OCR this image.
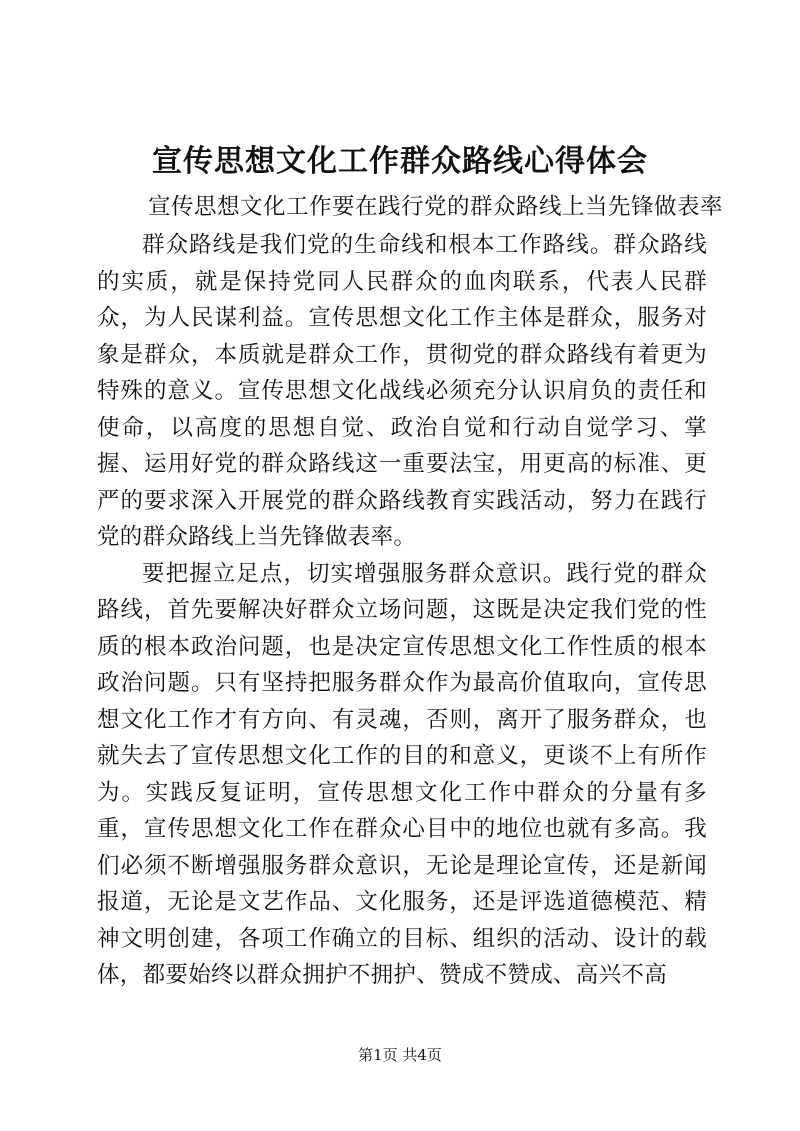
宣传思想文化工作群众路线心得体会
宣传思想文化工作要在践行党的群众路线上当先锋做表率

群众路线是我们党的生命线和根本工作路线。群众路线的实质，就是保持党同人民群众的血肉联系，代表人民群众，为人民谋利益。宣传思想文化工作主体是群众，服务对象是群众，本质就是群众工作，贯彻党的群众路线有着更为特殊的意义。宣传思想文化战线必须充分认识肩负的责任和使命，以高度的思想自觉、政治自觉和行动自觉学习、掌握、运用好党的群众路线这一重要法宝，用更高的标准、更严的要求深入开展党的群众路线教育实践活动，努力在践行党的群众路线上当先锋做表率。

要把握立足点，切实增强服务群众意识。践行党的群众路线，首先要解决好群众立场问题，这既是决定我们党的性质的根本政治问题，也是决定宣传思想文化工作性质的根本政治问题。只有坚持把服务群众作为最高价值取向，宣传思想文化工作才有方向、有灵魂，否则，离开了服务群众，也就失去了宣传思想文化工作的目的和意义，更谈不上有所作为。实践反复证明，宣传思想文化工作中群众的分量有多重，宣传思想文化工作在群众心目中的地位也就有多高。我们必须不断增强服务群众意识，无论是理论宣传，还是新闻报道，无论是文艺作品、文化服务，还是评选道德模范、精神文明创建，各项工作确立的目标、组织的活动、设计的载体，都要始终以群众拥护不拥护、赞成不赞成、高兴不高

第1页 共4页
